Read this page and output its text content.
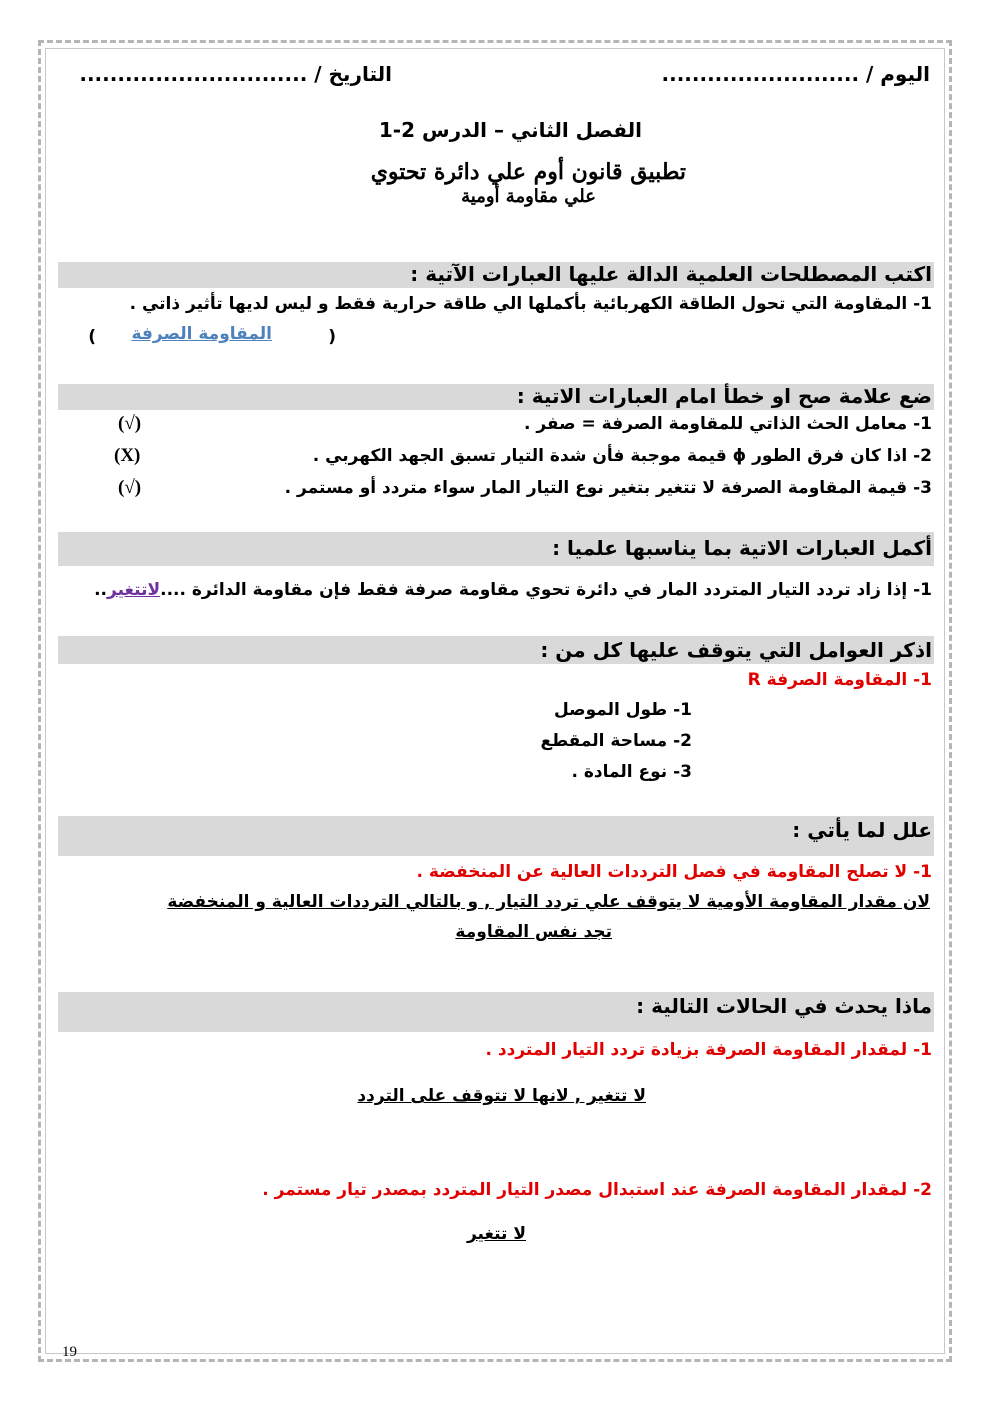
اليوم / ..........................
التاريخ / ..............................
الفصل الثاني – الدرس 2-1
تطبيق قانون أوم علي دائرة تحتوي
علي مقاومة أومية
اكتب المصطلحات العلمية الدالة عليها العبارات الآتية :
1- المقاومة التي تحول الطاقة الكهربائية بأكملها الي طاقة حرارية فقط و ليس لديها تأثير ذاتي .
(
المقاومة الصرفة
)
ضع علامة صح او خطأ امام العبارات الاتية :
1- معامل الحث الذاتي للمقاومة الصرفة = صفر .
(√)
2- اذا كان فرق الطور ϕ قيمة موجبة فأن شدة التيار تسبق الجهد الكهربي .
(X)
3- قيمة المقاومة الصرفة لا تتغير بتغير نوع التيار المار سواء متردد أو مستمر .
(√)
أكمل العبارات الاتية بما يناسبها علميا :
1- إذا زاد تردد التيار المتردد المار في دائرة تحوي مقاومة صرفة فقط فإن مقاومة الدائرة ....لاتتغير..
اذكر العوامل التي يتوقف عليها كل من :
1- المقاومة الصرفة R
1- طول الموصل
2- مساحة المقطع
3- نوع المادة .
علل لما يأتي :
1- لا تصلح المقاومة في فصل الترددات العالية عن المنخفضة .
لان مقدار المقاومة الأومية لا يتوقف علي تردد التيار , و بالتالي الترددات العالية و المنخفضة
تجد نفس المقاومة
ماذا يحدث في الحالات التالية :
1- لمقدار المقاومة الصرفة بزيادة تردد التيار المتردد .
لا تتغير , لانها لا تتوقف على التردد
2- لمقدار المقاومة الصرفة عند استبدال مصدر التيار المتردد بمصدر تيار مستمر .
لا تتغير
19
